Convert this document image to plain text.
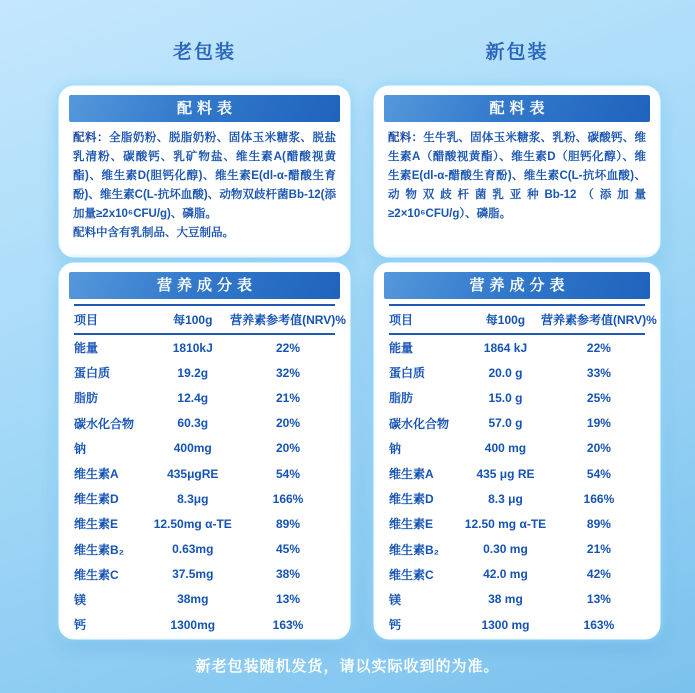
老包装
配料表

配料：全脂奶粉、脱脂奶粉、固体玉米糖浆、脱盐乳清粉、碳酸钙、乳矿物盐、维生素A(醋酸视黄酯)、维生素D(胆钙化醇)、维生素E(dl-α-醋酸生育酚)、维生素C(L-抗坏血酸)、动物双歧杆菌Bb-12(添加量≥2x10⁶CFU/g)、磷脂。

配料中含有乳制品、大豆制品。

营养成分表
项目	每100g	营养素参考值(NRV)%
能量	1810kJ	22%
蛋白质	19.2g	32%
脂肪	12.4g	21%
碳水化合物	60.3g	20%
钠	400mg	20%
维生素A	435μgRE	54%
维生素D	8.3μg	166%
维生素E	12.50mg α-TE	89%
维生素B₂	0.63mg	45%
维生素C	37.5mg	38%
镁	38mg	13%
钙	1300mg	163%
新包装
配料表

配料：生牛乳、固体玉米糖浆、乳粉、碳酸钙、维生素A（醋酸视黄酯）、维生素D（胆钙化醇）、维生素E(dl-α-醋酸生育酚)、维生素C(L-抗坏血酸)、动物双歧杆菌乳亚种Bb-12（添加量≥2×10⁶CFU/g）、磷脂。

营养成分表
项目	每100g	营养素参考值(NRV)%
能量	1864 kJ	22%
蛋白质	20.0 g	33%
脂肪	15.0 g	25%
碳水化合物	57.0 g	19%
钠	400 mg	20%
维生素A	435 μg RE	54%
维生素D	8.3 μg	166%
维生素E	12.50 mg α-TE	89%
维生素B₂	0.30 mg	21%
维生素C	42.0 mg	42%
镁	38 mg	13%
钙	1300 mg	163%
新老包装随机发货，请以实际收到的为准。
